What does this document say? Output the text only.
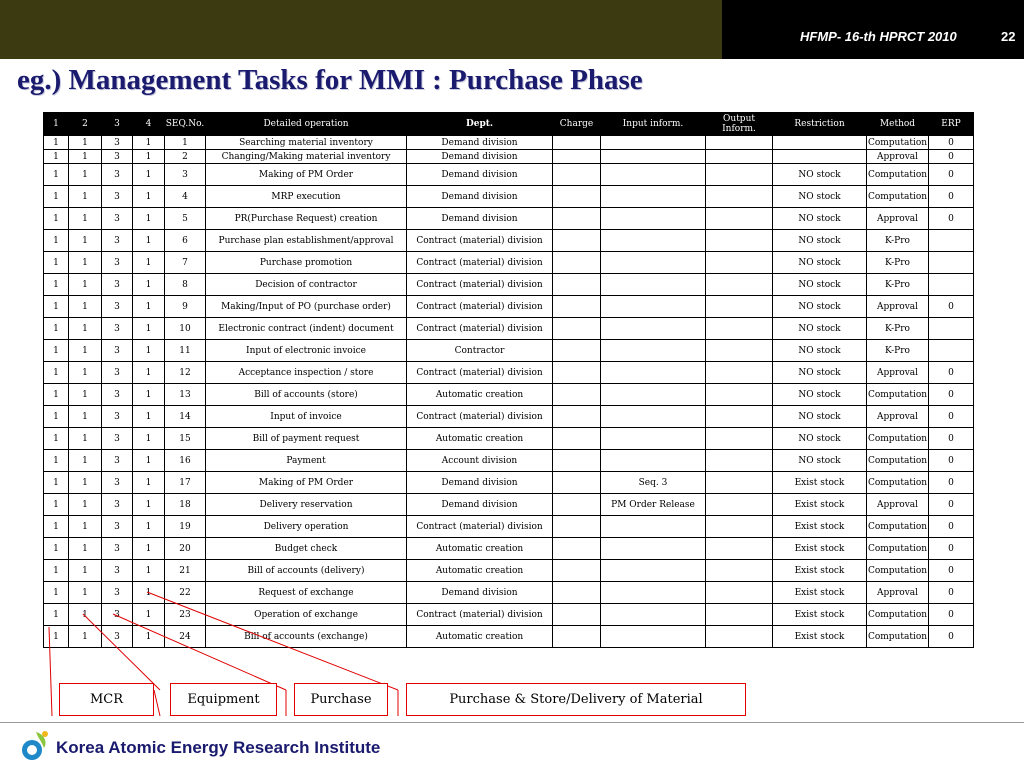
HFMP- 16-th HPRCT 2010	22
eg.) Management Tasks for MMI : Purchase Phase
1	2	3	4	SEQ.No.	Detailed operation	Dept.	Charge	Input inform.	Output Inform.	Restriction	Method	ERP
1	1	3	1	1	Searching material inventory	Demand division					Computation	0
1	1	3	1	2	Changing/Making material inventory	Demand division					Approval	0
1	1	3	1	3	Making of PM Order	Demand division				NO stock	Computation	0
1	1	3	1	4	MRP execution	Demand division				NO stock	Computation	0
1	1	3	1	5	PR(Purchase Request) creation	Demand division				NO stock	Approval	0
1	1	3	1	6	Purchase plan establishment/approval	Contract (material) division				NO stock	K-Pro	
1	1	3	1	7	Purchase promotion	Contract (material) division				NO stock	K-Pro	
1	1	3	1	8	Decision of contractor	Contract (material) division				NO stock	K-Pro	
1	1	3	1	9	Making/Input of PO (purchase order)	Contract (material) division				NO stock	Approval	0
1	1	3	1	10	Electronic contract (indent) document	Contract (material) division				NO stock	K-Pro	
1	1	3	1	11	Input of electronic invoice	Contractor				NO stock	K-Pro	
1	1	3	1	12	Acceptance inspection / store	Contract (material) division				NO stock	Approval	0
1	1	3	1	13	Bill of accounts (store)	Automatic creation				NO stock	Computation	0
1	1	3	1	14	Input of invoice	Contract (material) division				NO stock	Approval	0
1	1	3	1	15	Bill of payment request	Automatic creation				NO stock	Computation	0
1	1	3	1	16	Payment	Account division				NO stock	Computation	0
1	1	3	1	17	Making of PM Order	Demand division		Seq. 3		Exist stock	Computation	0
1	1	3	1	18	Delivery reservation	Demand division		PM Order Release		Exist stock	Approval	0
1	1	3	1	19	Delivery operation	Contract (material) division				Exist stock	Computation	0
1	1	3	1	20	Budget check	Automatic creation				Exist stock	Computation	0
1	1	3	1	21	Bill of accounts (delivery)	Automatic creation				Exist stock	Computation	0
1	1	3	1	22	Request of exchange	Demand division				Exist stock	Approval	0
1	1	3	1	23	Operation of exchange	Contract (material) division				Exist stock	Computation	0
1	1	3	1	24	Bill of accounts (exchange)	Automatic creation				Exist stock	Computation	0
MCR	Equipment	Purchase	Purchase & Store/Delivery of Material
Korea Atomic Energy Research Institute
